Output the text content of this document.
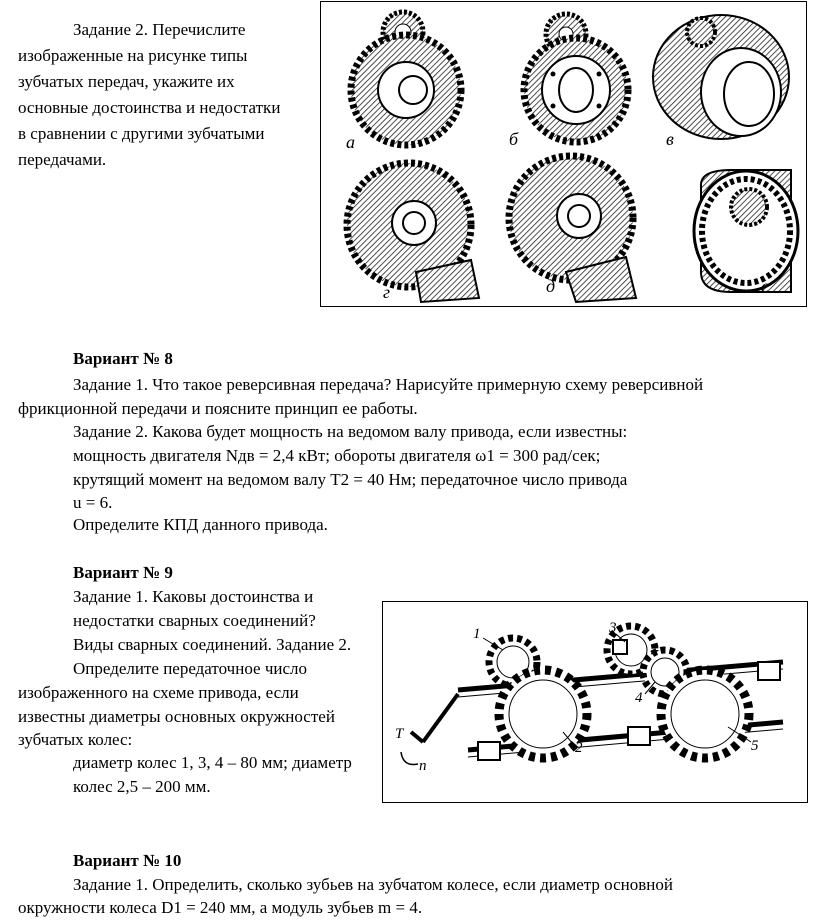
Задание 2. Перечислите
изображенные на рисунке типы
зубчатых передач, укажите их
основные достоинства и недостатки
в сравнении с другими зубчатыми
передачами.
а	б	в
г	д	е
Вариант № 8
Задание 1. Что такое реверсивная передача? Нарисуйте примерную схему реверсивной
фрикционной передачи и поясните принцип ее работы.
Задание 2. Какова будет мощность на ведомом валу привода, если известны:
мощность двигателя Nдв = 2,4 кВт; обороты двигателя ω1 = 300 рад/сек;
крутящий момент на ведомом валу Т2 = 40 Нм; передаточное число привода
u = 6.
Определите КПД данного привода.
Вариант № 9
Задание 1. Каковы достоинства и
недостатки сварных соединений?
Виды сварных соединений. Задание 2.
Определите передаточное число
изображенного на схеме привода, если
известны диаметры основных окружностей
зубчатых колес:
диаметр колес 1, 3, 4 – 80 мм; диаметр
колес 2,5 – 200 мм.
1
2
3
4
5
T
n
Вариант № 10
Задание 1. Определить, сколько зубьев на зубчатом колесе, если диаметр основной
окружности колеса D1 = 240 мм, а модуль зубьев m = 4.
